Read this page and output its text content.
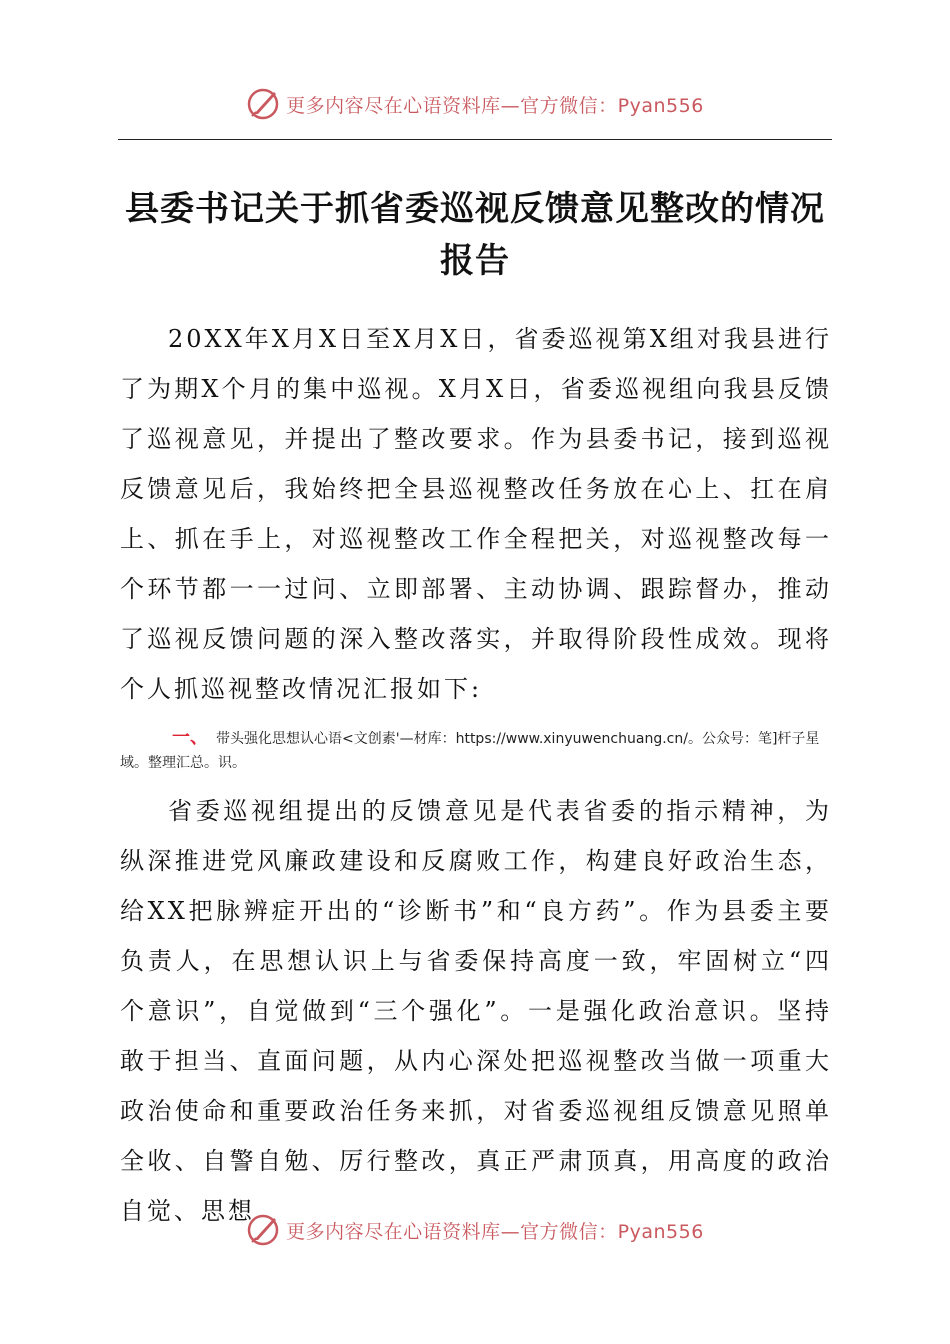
更多内容尽在心语资料库—官方微信：Pyan556
县委书记关于抓省委巡视反馈意见整改的情况报告

20XX年X月X日至X月X日，省委巡视第X组对我县进行了为期X个月的集中巡视。X月X日，省委巡视组向我县反馈了巡视意见，并提出了整改要求。作为县委书记，接到巡视反馈意见后，我始终把全县巡视整改任务放在心上、扛在肩上、抓在手上，对巡视整改工作全程把关，对巡视整改每一个环节都一一过问、立即部署、主动协调、跟踪督办，推动了巡视反馈问题的深入整改落实，并取得阶段性成效。现将个人抓巡视整改情况汇报如下:

一、 带头强化思想认心语<文创素'—材库：https://www.xinyuwenchuang.cn/。公众号：笔]杆子星域。整理汇总。识。

省委巡视组提出的反馈意见是代表省委的指示精神，为纵深推进党风廉政建设和反腐败工作，构建良好政治生态，给XX把脉辨症开出的“诊断书”和“良方药”。作为县委主要负责人，在思想认识上与省委保持高度一致，牢固树立“四个意识”，自觉做到“三个强化”。一是强化政治意识。坚持敢于担当、直面问题，从内心深处把巡视整改当做一项重大政治使命和重要政治任务来抓，对省委巡视组反馈意见照单全收、自警自勉、厉行整改，真正严肃顶真，用高度的政治自觉、思想

更多内容尽在心语资料库—官方微信：Pyan556
